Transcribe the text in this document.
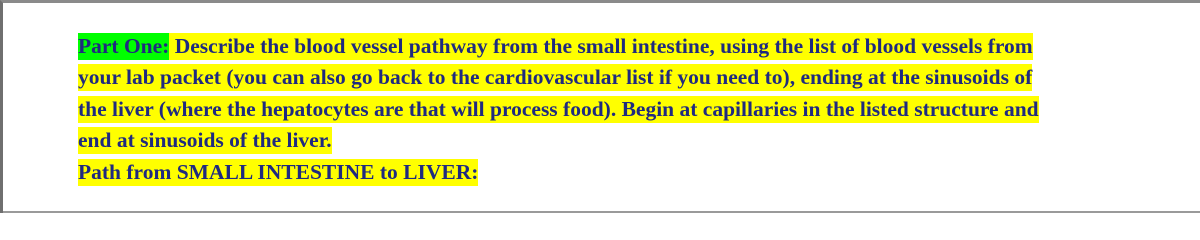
Part One: Describe the blood vessel pathway from the small intestine, using the list of blood vessels from
your lab packet (you can also go back to the cardiovascular list if you need to), ending at the sinusoids of
the liver (where the hepatocytes are that will process food). Begin at capillaries in the listed structure and
end at sinusoids of the liver.

Path from SMALL INTESTINE to LIVER:
